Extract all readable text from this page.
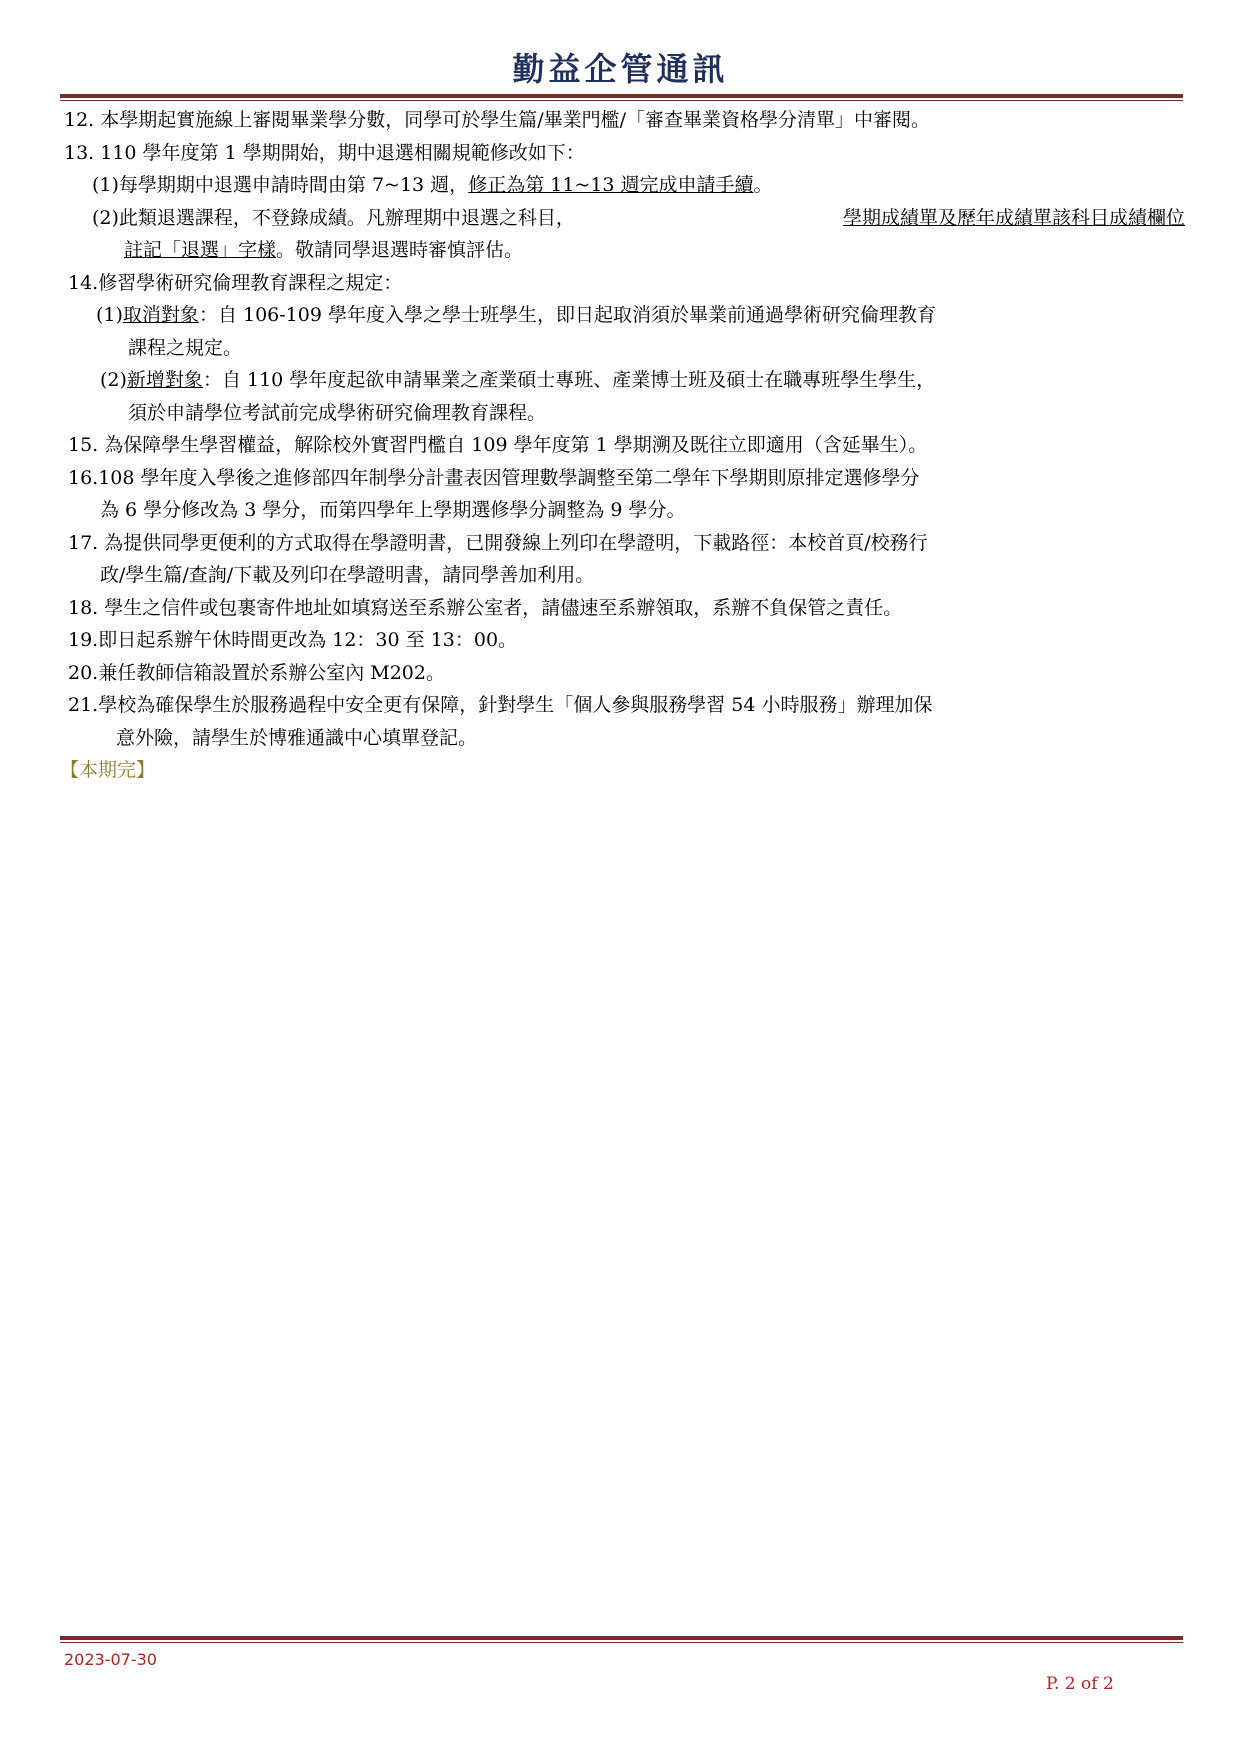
勤益企管通訊
12. 本學期起實施線上審閱畢業學分數，同學可於學生篇/畢業門檻/「審查畢業資格學分清單」中審閱。
13. 110 學年度第 1 學期開始，期中退選相關規範修改如下：
(1)每學期期中退選申請時間由第 7~13 週，修正為第 11~13 週完成申請手續。
(2)此類退選課程，不登錄成績。凡辦理期中退選之科目，	學期成績單及歷年成績單該科目成績欄位
註記「退選」字樣。敬請同學退選時審慎評估。
14.修習學術研究倫理教育課程之規定：
(1)取消對象：自 106-109 學年度入學之學士班學生，即日起取消須於畢業前通過學術研究倫理教育
課程之規定。
(2)新增對象：自 110 學年度起欲申請畢業之產業碩士專班、產業博士班及碩士在職專班學生學生，
須於申請學位考試前完成學術研究倫理教育課程。
15. 為保障學生學習權益，解除校外實習門檻自 109 學年度第 1 學期溯及既往立即適用（含延畢生）。
16.108 學年度入學後之進修部四年制學分計畫表因管理數學調整至第二學年下學期則原排定選修學分
為 6 學分修改為 3 學分，而第四學年上學期選修學分調整為 9 學分。
17. 為提供同學更便利的方式取得在學證明書，已開發線上列印在學證明，下載路徑：本校首頁/校務行
政/學生篇/查詢/下載及列印在學證明書，請同學善加利用。
18. 學生之信件或包裹寄件地址如填寫送至系辦公室者，請儘速至系辦領取，系辦不負保管之責任。
19.即日起系辦午休時間更改為 12：30 至 13：00。
20.兼任教師信箱設置於系辦公室內 M202。
21.學校為確保學生於服務過程中安全更有保障，針對學生「個人參與服務學習 54 小時服務」辦理加保
意外險，請學生於博雅通識中心填單登記。
【本期完】
2023-07-30
P. 2 of 2
